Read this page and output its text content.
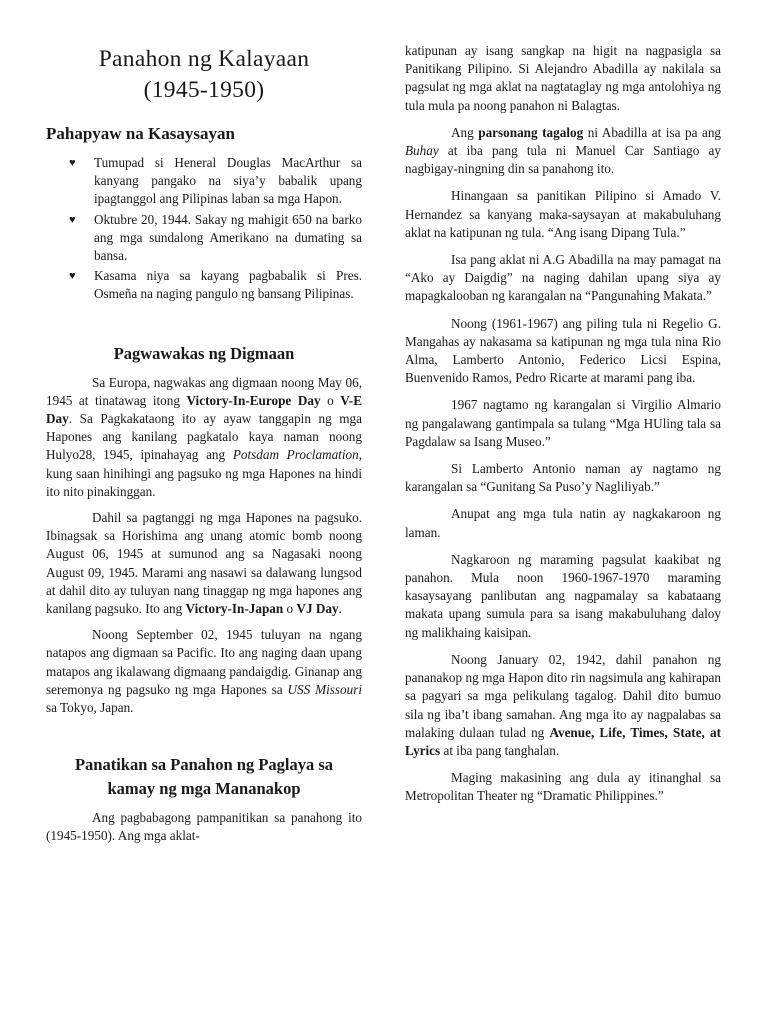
Panahon ng Kalayaan
(1945-1950)
Pahapyaw na Kasaysayan
♥ Tumupad si Heneral Douglas MacArthur sa kanyang pangako na siya’y babalik upang ipagtanggol ang Pilipinas laban sa mga Hapon.
♥ Oktubre 20, 1944. Sakay ng mahigit 650 na barko ang mga sundalong Amerikano na dumating sa bansa.
♥ Kasama niya sa kayang pagbabalik si Pres. Osmeña na naging pangulo ng bansang Pilipinas.
Pagwawakas ng Digmaan

Sa Europa, nagwakas ang digmaan noong May 06, 1945 at tinatawag itong Victory-In-Europe Day o V-E Day. Sa Pagkakataong ito ay ayaw tanggapin ng mga Hapones ang kanilang pagkatalo kaya naman noong Hulyo28, 1945, ipinahayag ang Potsdam Proclamation, kung saan hinihingi ang pagsuko ng mga Hapones na hindi ito nito pinakinggan.

Dahil sa pagtanggi ng mga Hapones na pagsuko. Ibinagsak sa Horishima ang unang atomic bomb noong August 06, 1945 at sumunod ang sa Nagasaki noong August 09, 1945. Marami ang nasawi sa dalawang lungsod at dahil dito ay tuluyan nang tinaggap ng mga hapones ang kanilang pagsuko. Ito ang Victory-In-Japan o VJ Day.

Noong September 02, 1945 tuluyan na ngang natapos ang digmaan sa Pacific. Ito ang naging daan upang matapos ang ikalawang digmaang pandaigdig. Ginanap ang seremonya ng pagsuko ng mga Hapones sa USS Missouri sa Tokyo, Japan.

Panatikan sa Panahon ng Paglaya sa
kamay ng mga Mananakop

Ang pagbabagong pampanitikan sa panahong ito (1945-1950). Ang mga aklat-

katipunan ay isang sangkap na higit na nagpasigla sa Panitikang Pilipino. Si Alejandro Abadilla ay nakilala sa pagsulat ng mga aklat na nagtataglay ng mga antolohiya ng tula mula pa noong panahon ni Balagtas.

Ang parsonang tagalog ni Abadilla at isa pa ang Buhay at iba pang tula ni Manuel Car Santiago ay nagbigay-ningning din sa panahong ito.

Hinangaan sa panitikan Pilipino si Amado V. Hernandez sa kanyang maka-saysayan at makabuluhang aklat na katipunan ng tula. “Ang isang Dipang Tula.”

Isa pang aklat ni A.G Abadilla na may pamagat na “Ako ay Daigdig” na naging dahilan upang siya ay mapagkalooban ng karangalan na “Pangunahing Makata.”

Noong (1961-1967) ang piling tula ni Regelio G. Mangahas ay nakasama sa katipunan ng mga tula nina Rio Alma, Lamberto Antonio, Federico Licsi Espina, Buenvenido Ramos, Pedro Ricarte at marami pang iba.

1967 nagtamo ng karangalan si Virgilio Almario ng pangalawang gantimpala sa tulang “Mga HUling tala sa Pagdalaw sa Isang Museo.”

Si Lamberto Antonio naman ay nagtamo ng karangalan sa “Gunitang Sa Puso’y Nagliliyab.”

Anupat ang mga tula natin ay nagkakaroon ng laman.

Nagkaroon ng maraming pagsulat kaakibat ng panahon. Mula noon 1960-1967-1970 maraming kasaysayang panlibutan ang nagpamalay sa kabataang makata upang sumula para sa isang makabuluhang daloy ng malikhaing kaisipan.

Noong January 02, 1942, dahil panahon ng pananakop ng mga Hapon dito rin nagsimula ang kahirapan sa pagyari sa mga pelikulang tagalog. Dahil dito bumuo sila ng iba’t ibang samahan. Ang mga ito ay nagpalabas sa malaking dulaan tulad ng Avenue, Life, Times, State, at Lyrics at iba pang tanghalan.

Maging makasining ang dula ay itinanghal sa Metropolitan Theater ng “Dramatic Philippines.”
